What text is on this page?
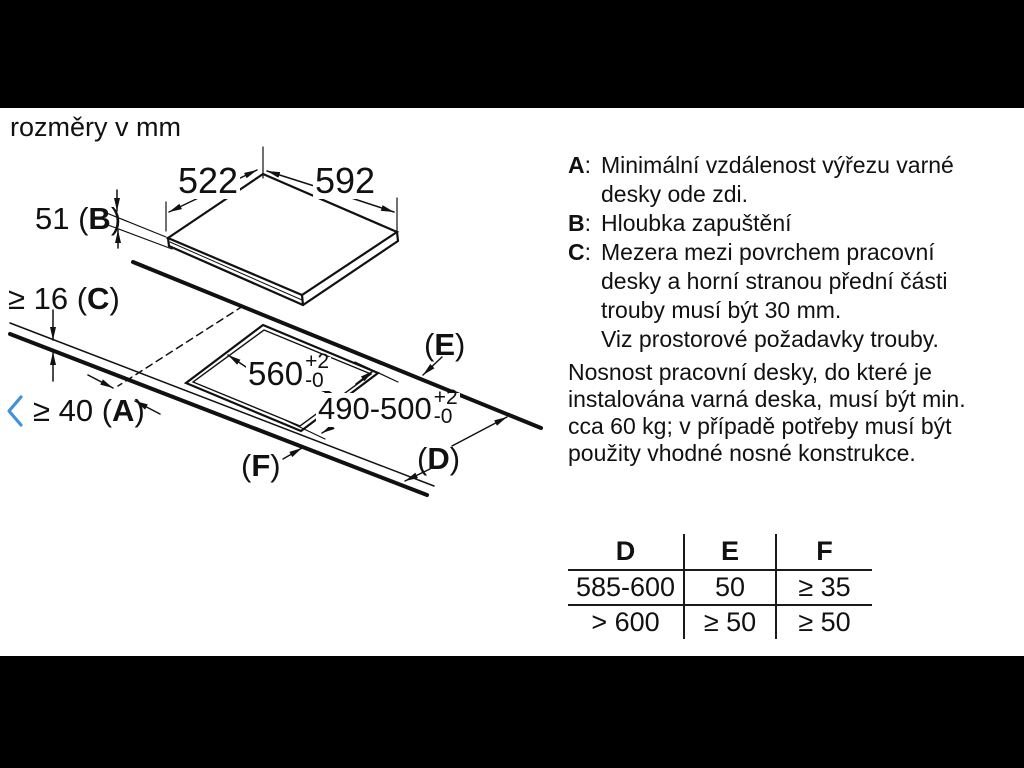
rozměry v mm
522 592
51 (B)
≥ 16 (C)
≥ 40 (A)
560 +2
-0
490-500 +2
-0
(E)
(D)
(F)
A: Minimální vzdálenost výřezu varné
desky ode zdi.
B: Hloubka zapuštění
C: Mezera mezi povrchem pracovní
desky a horní stranou přední části
trouby musí být 30 mm.
Viz prostorové požadavky trouby.
Nosnost pracovní desky, do které je
instalována varná deska, musí být min.
cca 60 kg; v případě potřeby musí být
použity vhodné nosné konstrukce.
D	E	F
585-600	50	≥ 35
> 600	≥ 50	≥ 50
